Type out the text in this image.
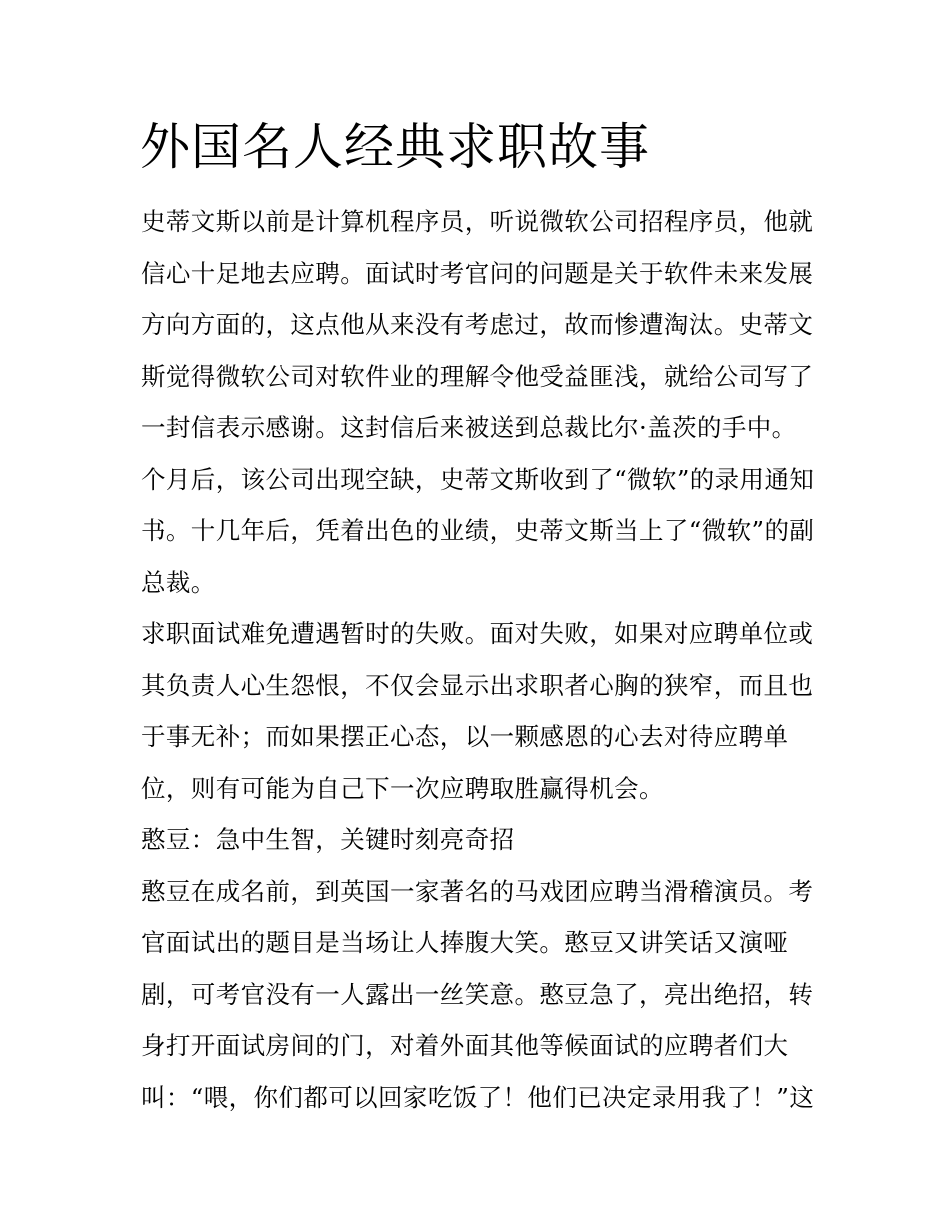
外国名人经典求职故事
史蒂文斯以前是计算机程序员，听说微软公司招程序员，他就
信心十足地去应聘。面试时考官问的问题是关于软件未来发展
方向方面的，这点他从来没有考虑过，故而惨遭淘汰。史蒂文
斯觉得微软公司对软件业的理解令他受益匪浅，就给公司写了
一封信表示感谢。这封信后来被送到总裁比尔·盖茨的手中。
个月后，该公司出现空缺，史蒂文斯收到了“微软”的录用通知
书。十几年后，凭着出色的业绩，史蒂文斯当上了“微软”的副
总裁。
求职面试难免遭遇暂时的失败。面对失败，如果对应聘单位或
其负责人心生怨恨，不仅会显示出求职者心胸的狭窄，而且也
于事无补；而如果摆正心态，以一颗感恩的心去对待应聘单
位，则有可能为自己下一次应聘取胜赢得机会。
憨豆：急中生智，关键时刻亮奇招
憨豆在成名前，到英国一家著名的马戏团应聘当滑稽演员。考
官面试出的题目是当场让人捧腹大笑。憨豆又讲笑话又演哑
剧，可考官没有一人露出一丝笑意。憨豆急了，亮出绝招，转
身打开面试房间的门，对着外面其他等候面试的应聘者们大
叫：“喂，你们都可以回家吃饭了！他们已决定录用我了！”这
